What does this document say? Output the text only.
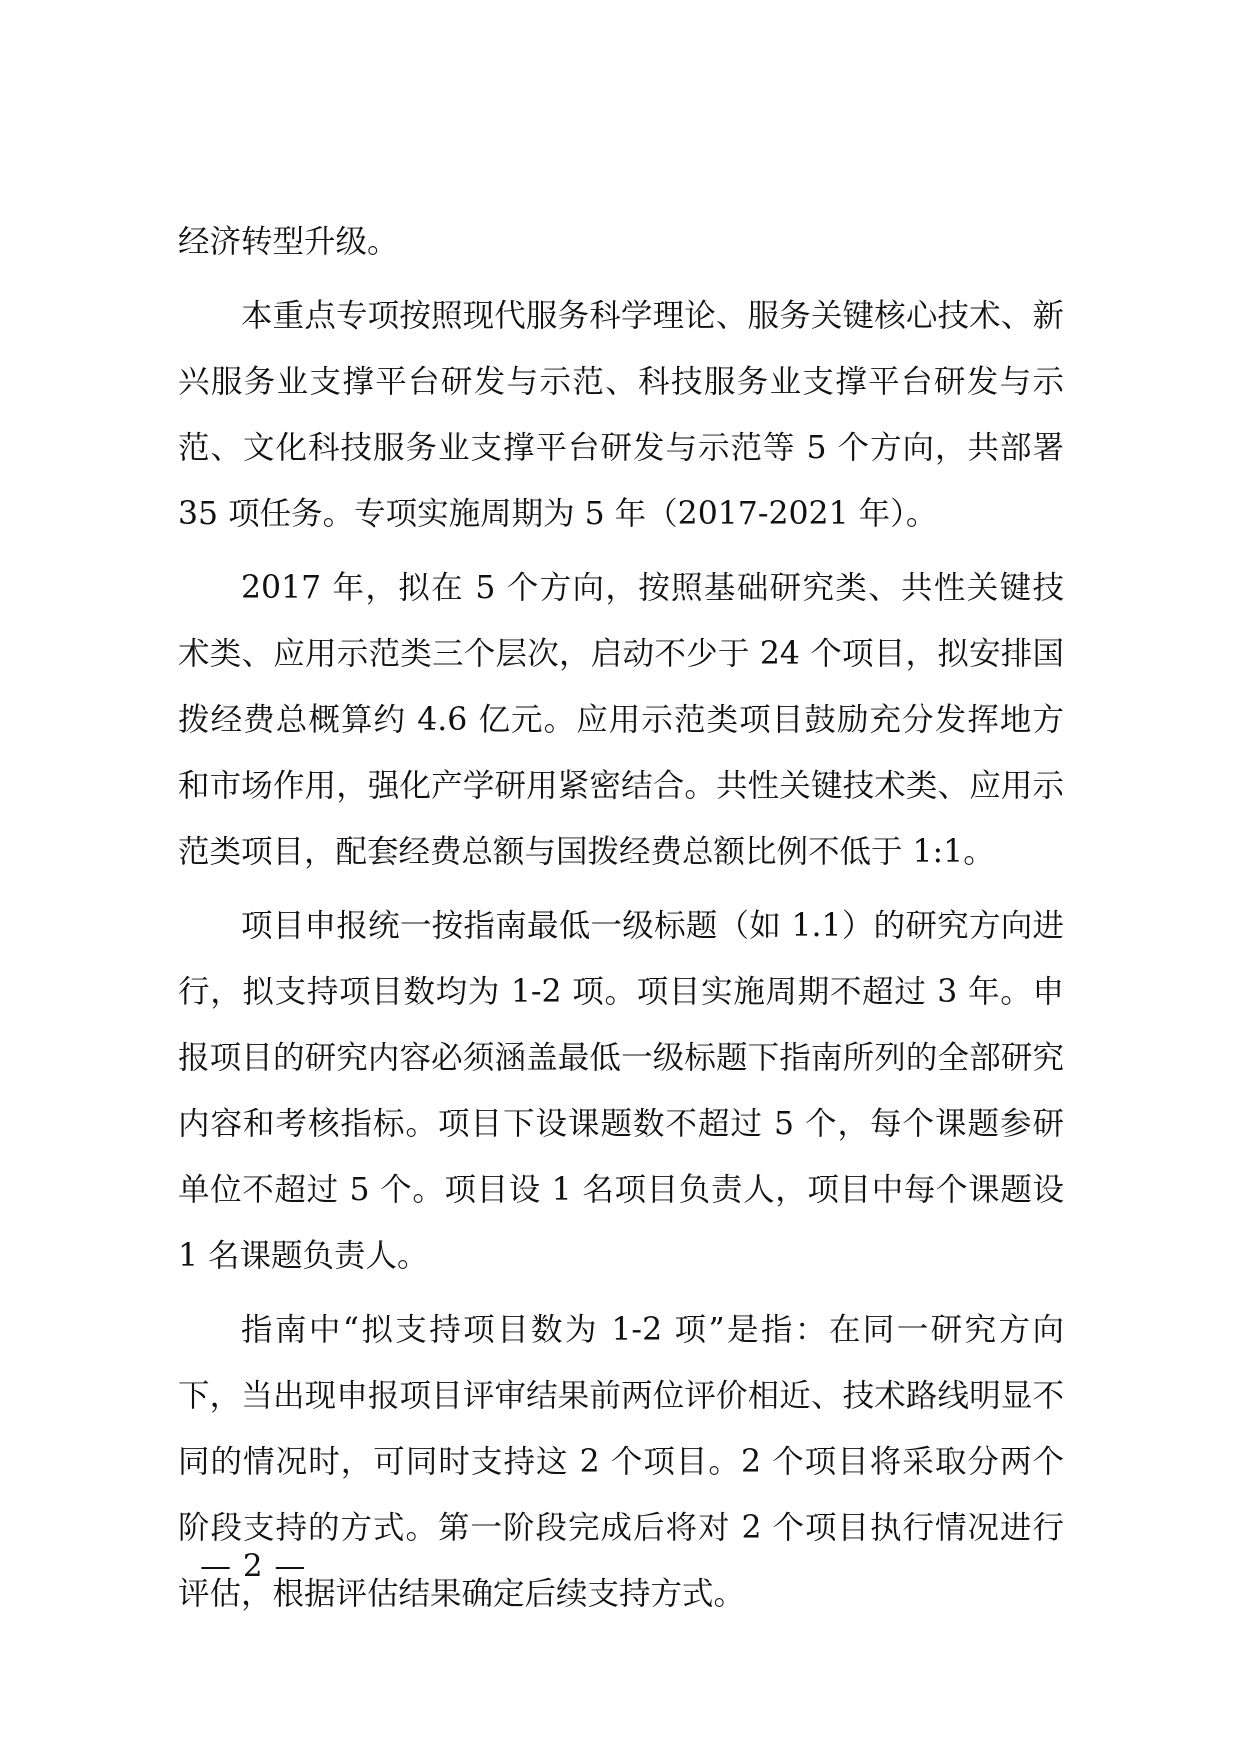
经济转型升级。

本重点专项按照现代服务科学理论、服务关键核心技术、新兴服务业支撑平台研发与示范、科技服务业支撑平台研发与示范、文化科技服务业支撑平台研发与示范等 5 个方向，共部署 35 项任务。专项实施周期为 5 年（2017-2021 年）。

2017 年，拟在 5 个方向，按照基础研究类、共性关键技术类、应用示范类三个层次，启动不少于 24 个项目，拟安排国拨经费总概算约 4.6 亿元。应用示范类项目鼓励充分发挥地方和市场作用，强化产学研用紧密结合。共性关键技术类、应用示范类项目，配套经费总额与国拨经费总额比例不低于 1:1。

项目申报统一按指南最低一级标题（如 1.1）的研究方向进行，拟支持项目数均为 1-2 项。项目实施周期不超过 3 年。申报项目的研究内容必须涵盖最低一级标题下指南所列的全部研究内容和考核指标。项目下设课题数不超过 5 个，每个课题参研单位不超过 5 个。项目设 1 名项目负责人，项目中每个课题设 1 名课题负责人。

指南中“拟支持项目数为 1-2 项”是指：在同一研究方向下，当出现申报项目评审结果前两位评价相近、技术路线明显不同的情况时，可同时支持这 2 个项目。2 个项目将采取分两个阶段支持的方式。第一阶段完成后将对 2 个项目执行情况进行评估，根据评估结果确定后续支持方式。

— 2 —
